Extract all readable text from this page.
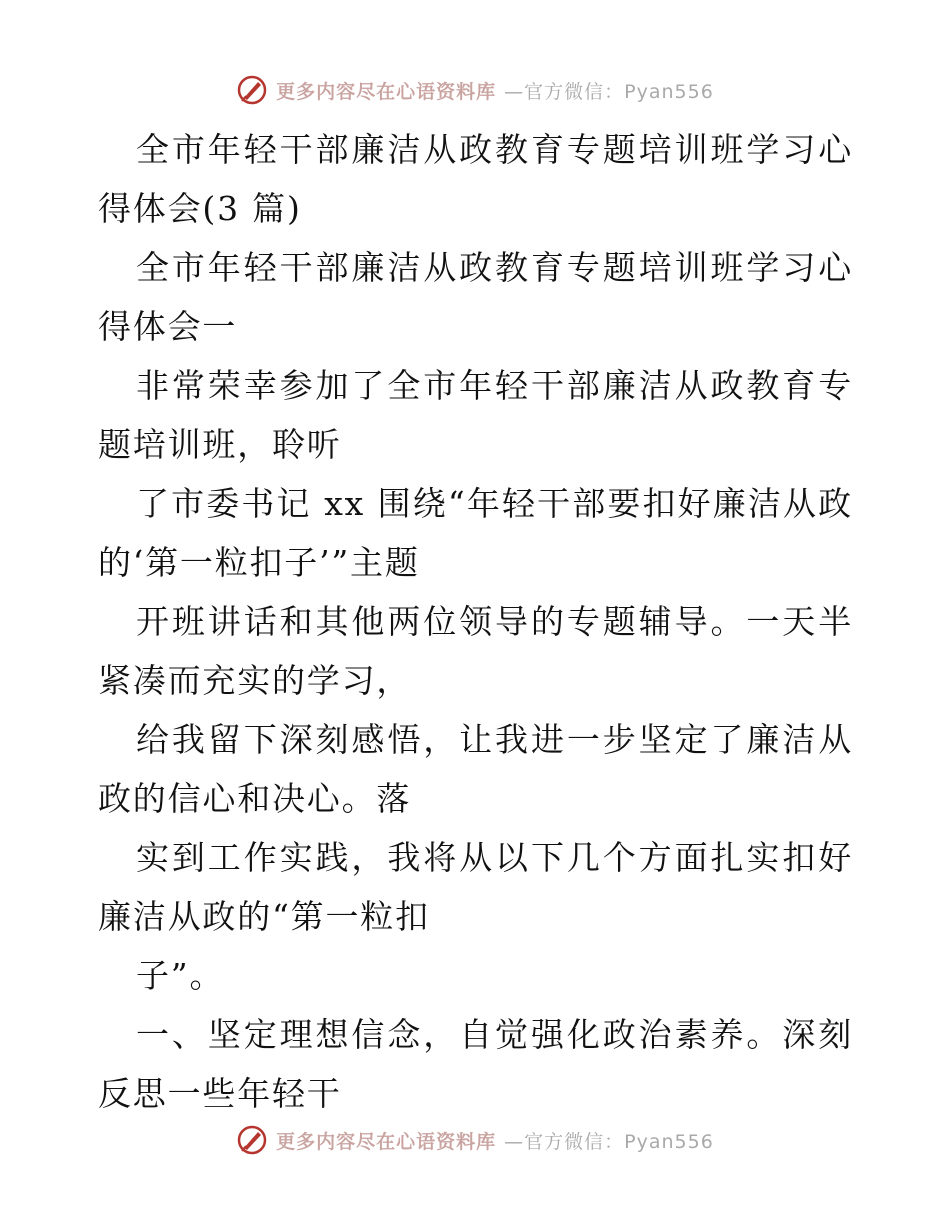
更多内容尽在心语资料库 —官方微信：Pyan556

全市年轻干部廉洁从政教育专题培训班学习心得体会(3 篇)

全市年轻干部廉洁从政教育专题培训班学习心得体会一

非常荣幸参加了全市年轻干部廉洁从政教育专题培训班，聆听

了市委书记 xx 围绕“年轻干部要扣好廉洁从政的‘第一粒扣子’”主题

开班讲话和其他两位领导的专题辅导。一天半紧凑而充实的学习，

给我留下深刻感悟，让我进一步坚定了廉洁从政的信心和决心。落

实到工作实践，我将从以下几个方面扎实扣好廉洁从政的“第一粒扣

子”。

一、坚定理想信念，自觉强化政治素养。深刻反思一些年轻干

更多内容尽在心语资料库 —官方微信：Pyan556
